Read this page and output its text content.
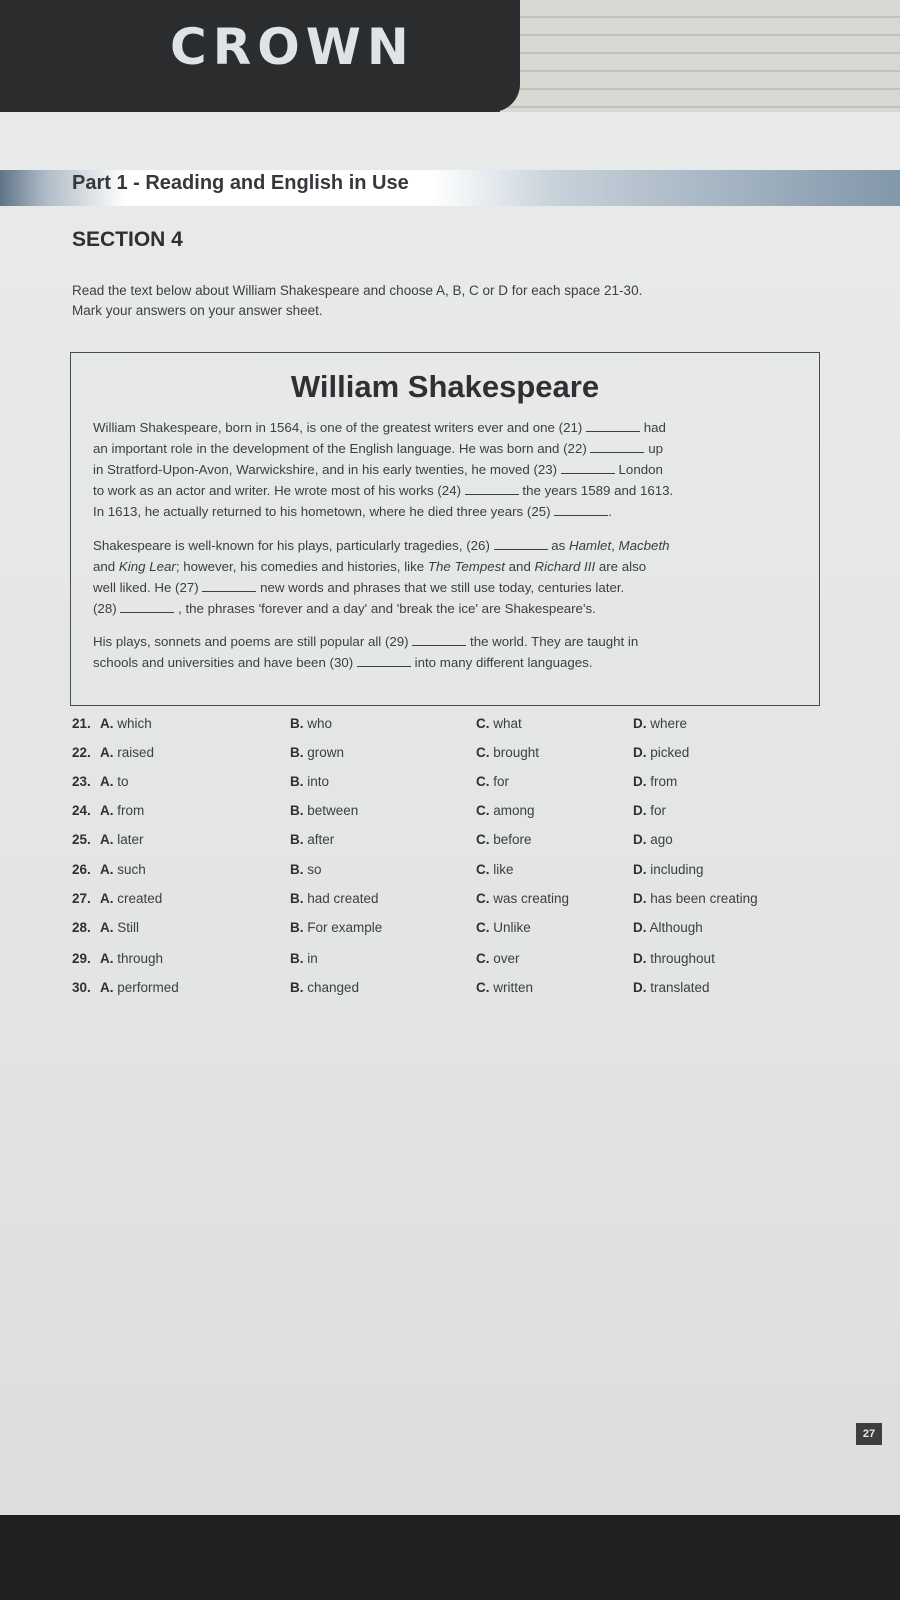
CROWN
Part 1 - Reading and English in Use
SECTION 4
Read the text below about William Shakespeare and choose A, B, C or D for each space 21-30.
Mark your answers on your answer sheet.
William Shakespeare
William Shakespeare, born in 1564, is one of the greatest writers ever and one (21)	had
an important role in the development of the English language. He was born and (22)	up
in Stratford-Upon-Avon, Warwickshire, and in his early twenties, he moved (23)	London
to work as an actor and writer. He wrote most of his works (24)	the years 1589 and 1613.
In 1613, he actually returned to his hometown, where he died three years (25)	.
Shakespeare is well-known for his plays, particularly tragedies, (26)	as Hamlet, Macbeth
and King Lear; however, his comedies and histories, like The Tempest and Richard III are also
well liked. He (27)	new words and phrases that we still use today, centuries later.
(28)	, the phrases 'forever and a day' and 'break the ice' are Shakespeare's.
His plays, sonnets and poems are still popular all (29)	the world. They are taught in
schools and universities and have been (30)	into many different languages.
21. A. which	B. who	C. what	D. where
22. A. raised	B. grown	C. brought	D. picked
23. A. to	B. into	C. for	D. from
24. A. from	B. between	C. among	D. for
25. A. later	B. after	C. before	D. ago
26. A. such	B. so	C. like	D. including
27. A. created	B. had created	C. was creating	D. has been creating
28. A. Still	B. For example	C. Unlike	D. Although
29. A. through	B. in	C. over	D. throughout
30. A. performed	B. changed	C. written	D. translated
27
